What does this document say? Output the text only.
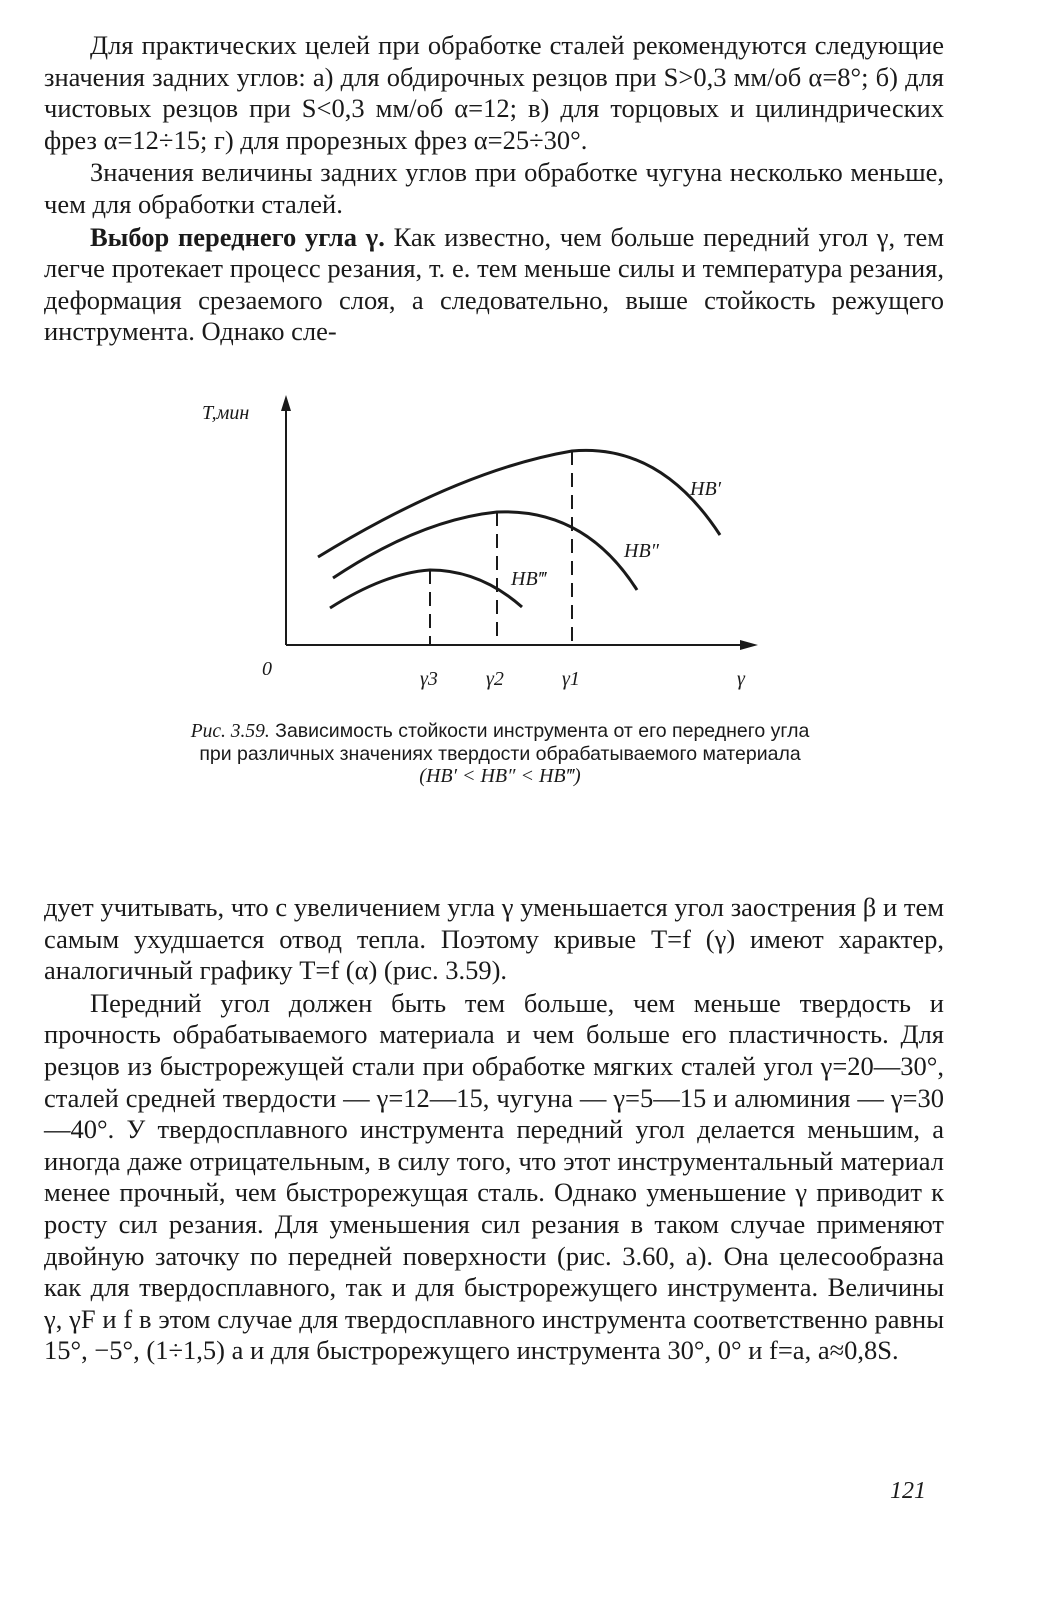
Для практических целей при обработке сталей рекомендуются следующие значения задних углов: а) для обдирочных резцов при S>0,3 мм/об α=8°; б) для чистовых резцов при S<0,3 мм/об α=12; в) для торцовых и цилиндрических фрез α=12÷15; г) для прорезных фрез α=25÷30°.

Значения величины задних углов при обработке чугуна несколько меньше, чем для обработки сталей.

Выбор переднего угла γ. Как известно, чем больше передний угол γ, тем легче протекает процесс резания, т. е. тем меньше силы и температура резания, деформация срезаемого слоя, а следовательно, выше стойкость режущего инструмента. Однако сле-

T,мин
γ
0	γ3 γ2	γ1
HB′
HB″
HB‴
Рис. 3.59. Зависимость стойкости инструмента от его переднего угла при различных значениях твердости обрабатываемого материала
(HB′ < HB″ < HB‴)

дует учитывать, что с увеличением угла γ уменьшается угол заострения β и тем самым ухудшается отвод тепла. Поэтому кривые T=f (γ) имеют характер, аналогичный графику T=f (α) (рис. 3.59).

Передний угол должен быть тем больше, чем меньше твердость и прочность обрабатываемого материала и чем больше его пластичность. Для резцов из быстрорежущей стали при обработке мягких сталей угол γ=20—30°, сталей средней твердости — γ=12—15, чугуна — γ=5—15 и алюминия — γ=30—40°. У твердосплавного инструмента передний угол делается меньшим, а иногда даже отрицательным, в силу того, что этот инструментальный материал менее прочный, чем быстрорежущая сталь. Однако уменьшение γ приводит к росту сил резания. Для уменьшения сил резания в таком случае применяют двойную заточку по передней поверхности (рис. 3.60, а). Она целесообразна как для твердосплавного, так и для быстрорежущего инструмента. Величины γ, γF и f в этом случае для твердосплавного инструмента соответственно равны 15°, −5°, (1÷1,5) а и для быстрорежущего инструмента 30°, 0° и f=а, а≈0,8S.

121
